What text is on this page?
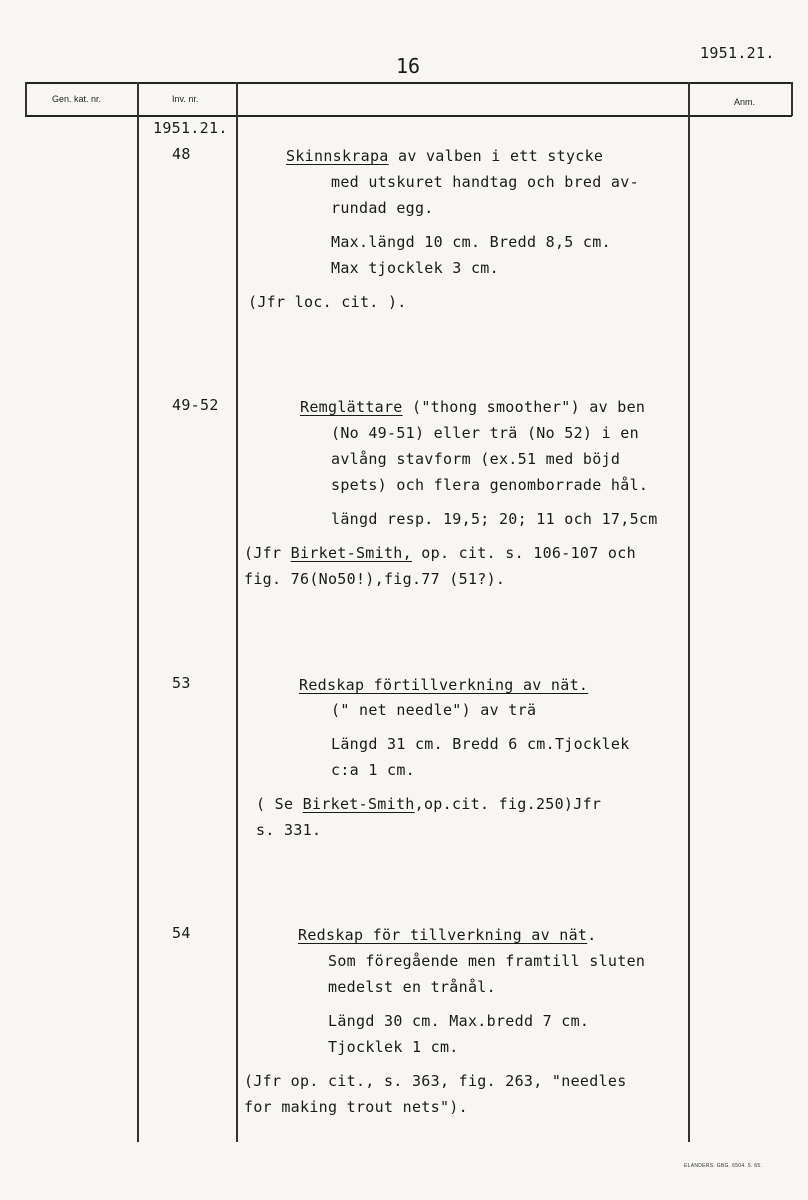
16
1951.21.
Gen. kat. nr.	Inv. nr.	Anm.
1951.21.
48	Skinnskrapa av valben i ett stycke
med utskuret handtag och bred av-
rundad egg.
Max.längd 10 cm. Bredd 8,5 cm.
Max tjocklek 3 cm.
(Jfr loc. cit. ).
49-52	Remglättare ("thong smoother") av ben
(No 49-51) eller trä (No 52) i en
avlång stavform (ex.51 med böjd
spets) och flera genomborrade hål.
längd resp. 19,5; 20; 11 och 17,5cm
(Jfr Birket-Smith, op. cit. s. 106-107 och
fig. 76(No50!),fig.77 (51?).
53	Redskap förtillverkning av nät.
(" net needle") av trä
Längd 31 cm. Bredd 6 cm.Tjocklek
c:a 1 cm.
( Se Birket-Smith,op.cit. fig.250)Jfr
s. 331.
54	Redskap för tillverkning av nät.
Som föregående men framtill sluten
medelst en trånål.
Längd 30 cm. Max.bredd 7 cm.
Tjocklek 1 cm.
(Jfr op. cit., s. 363, fig. 263, "needles
for making trout nets").
ELANDERS. GBG. 6504. 5. 65.
